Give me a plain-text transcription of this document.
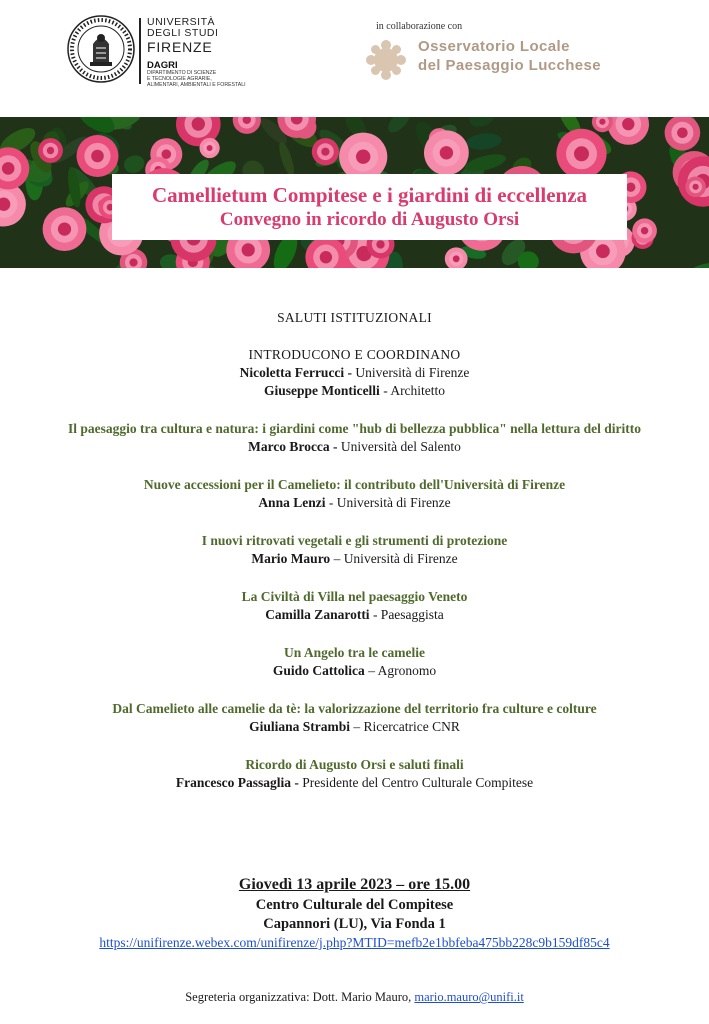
UNIVERSITÀ
DEGLI STUDI
FIRENZE
DAGRI
DIPARTIMENTO DI SCIENZE
E TECNOLOGIE AGRARIE,
ALIMENTARI, AMBIENTALI E FORESTALI
in collaborazione con
Osservatorio Locale
del Paesaggio Lucchese
Camellietum Compitese e i giardini di eccellenza
Convegno in ricordo di Augusto Orsi
SALUTI ISTITUZIONALI
INTRODUCONO E COORDINANO
Nicoletta Ferrucci - Università di Firenze
Giuseppe Monticelli - Architetto
Il paesaggio tra cultura e natura: i giardini come "hub di bellezza pubblica" nella lettura del diritto
Marco Brocca - Università del Salento
Nuove accessioni per il Camelieto: il contributo dell'Università di Firenze
Anna Lenzi - Università di Firenze
I nuovi ritrovati vegetali e gli strumenti di protezione
Mario Mauro – Università di Firenze
La Civiltà di Villa nel paesaggio Veneto
Camilla Zanarotti - Paesaggista
Un Angelo tra le camelie
Guido Cattolica – Agronomo
Dal Camelieto alle camelie da tè: la valorizzazione del territorio fra culture e colture
Giuliana Strambi – Ricercatrice CNR
Ricordo di Augusto Orsi e saluti finali
Francesco Passaglia - Presidente del Centro Culturale Compitese
Giovedì 13 aprile 2023 – ore 15.00
Centro Culturale del Compitese
Capannori (LU), Via Fonda 1
https://unifirenze.webex.com/unifirenze/j.php?MTID=mefb2e1bbfeba475bb228c9b159df85c4
Segreteria organizzativa: Dott. Mario Mauro, mario.mauro@unifi.it
